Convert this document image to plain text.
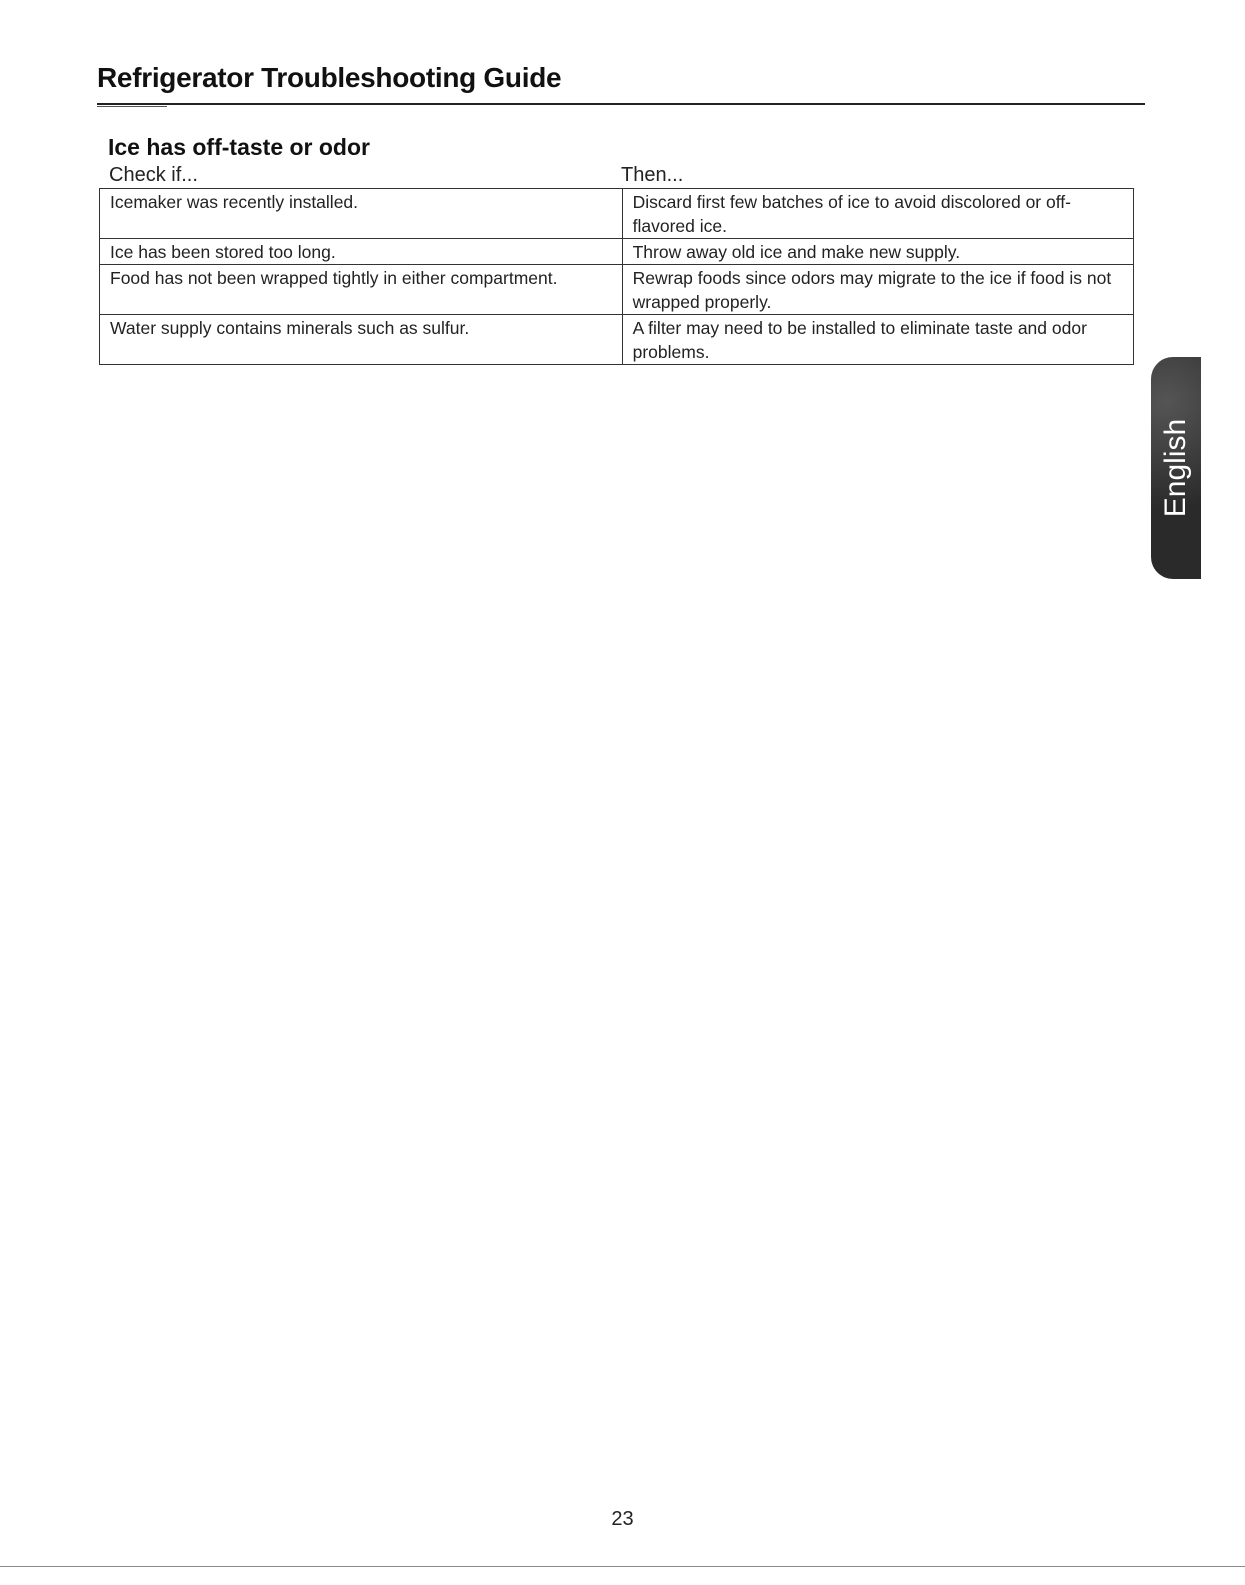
Refrigerator Troubleshooting Guide
Ice has off-taste or odor
Check if...	Then...
Icemaker was recently installed.	Discard first few batches of ice to avoid discolored or off-flavored ice.
Ice has been stored too long.	Throw away old ice and make new supply.
Food has not been wrapped tightly in either compartment.	Rewrap foods since odors may migrate to the ice if food is not wrapped properly.
Water supply contains minerals such as sulfur.	A filter may need to be installed to eliminate taste and odor problems.
English
23
